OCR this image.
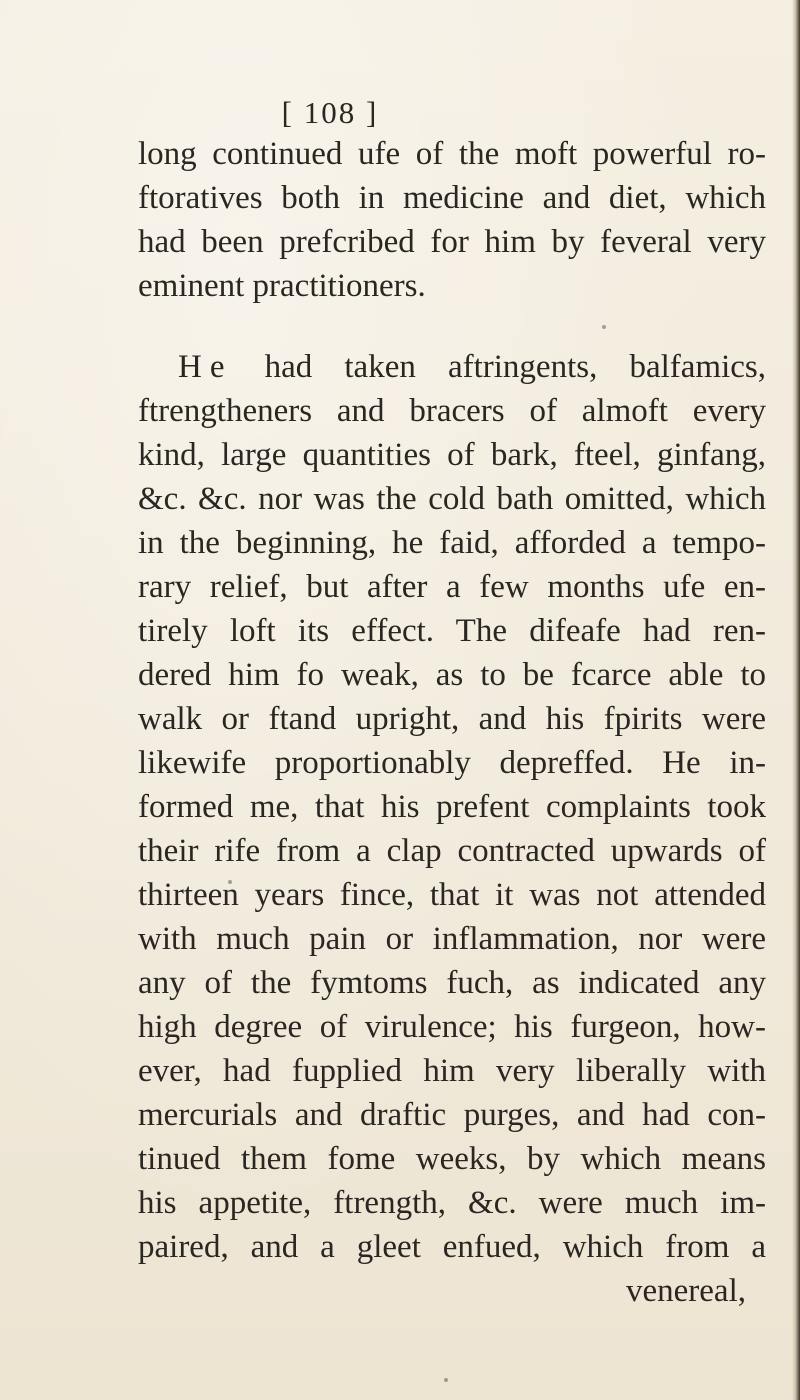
[ 108 ]
long continued ufe of the moft powerful ro-
ftoratives both in medicine and diet, which
had been prefcribed for him by feveral very
eminent practitioners.
He had taken aftringents, balfamics,
ftrengtheners and bracers of almoft every
kind, large quantities of bark, fteel, ginfang,
&c. &c. nor was the cold bath omitted, which
in the beginning, he faid, afforded a tempo-
rary relief, but after a few months ufe en-
tirely loft its effect. The difeafe had ren-
dered him fo weak, as to be fcarce able to
walk or ftand upright, and his fpirits were
likewife proportionably depreffed. He in-
formed me, that his prefent complaints took
their rife from a clap contracted upwards of
thirteen years fince, that it was not attended
with much pain or inflammation, nor were
any of the fymtoms fuch, as indicated any
high degree of virulence; his furgeon, how-
ever, had fupplied him very liberally with
mercurials and draftic purges, and had con-
tinued them fome weeks, by which means
his appetite, ftrength, &c. were much im-
paired, and a gleet enfued, which from a
venereal,
